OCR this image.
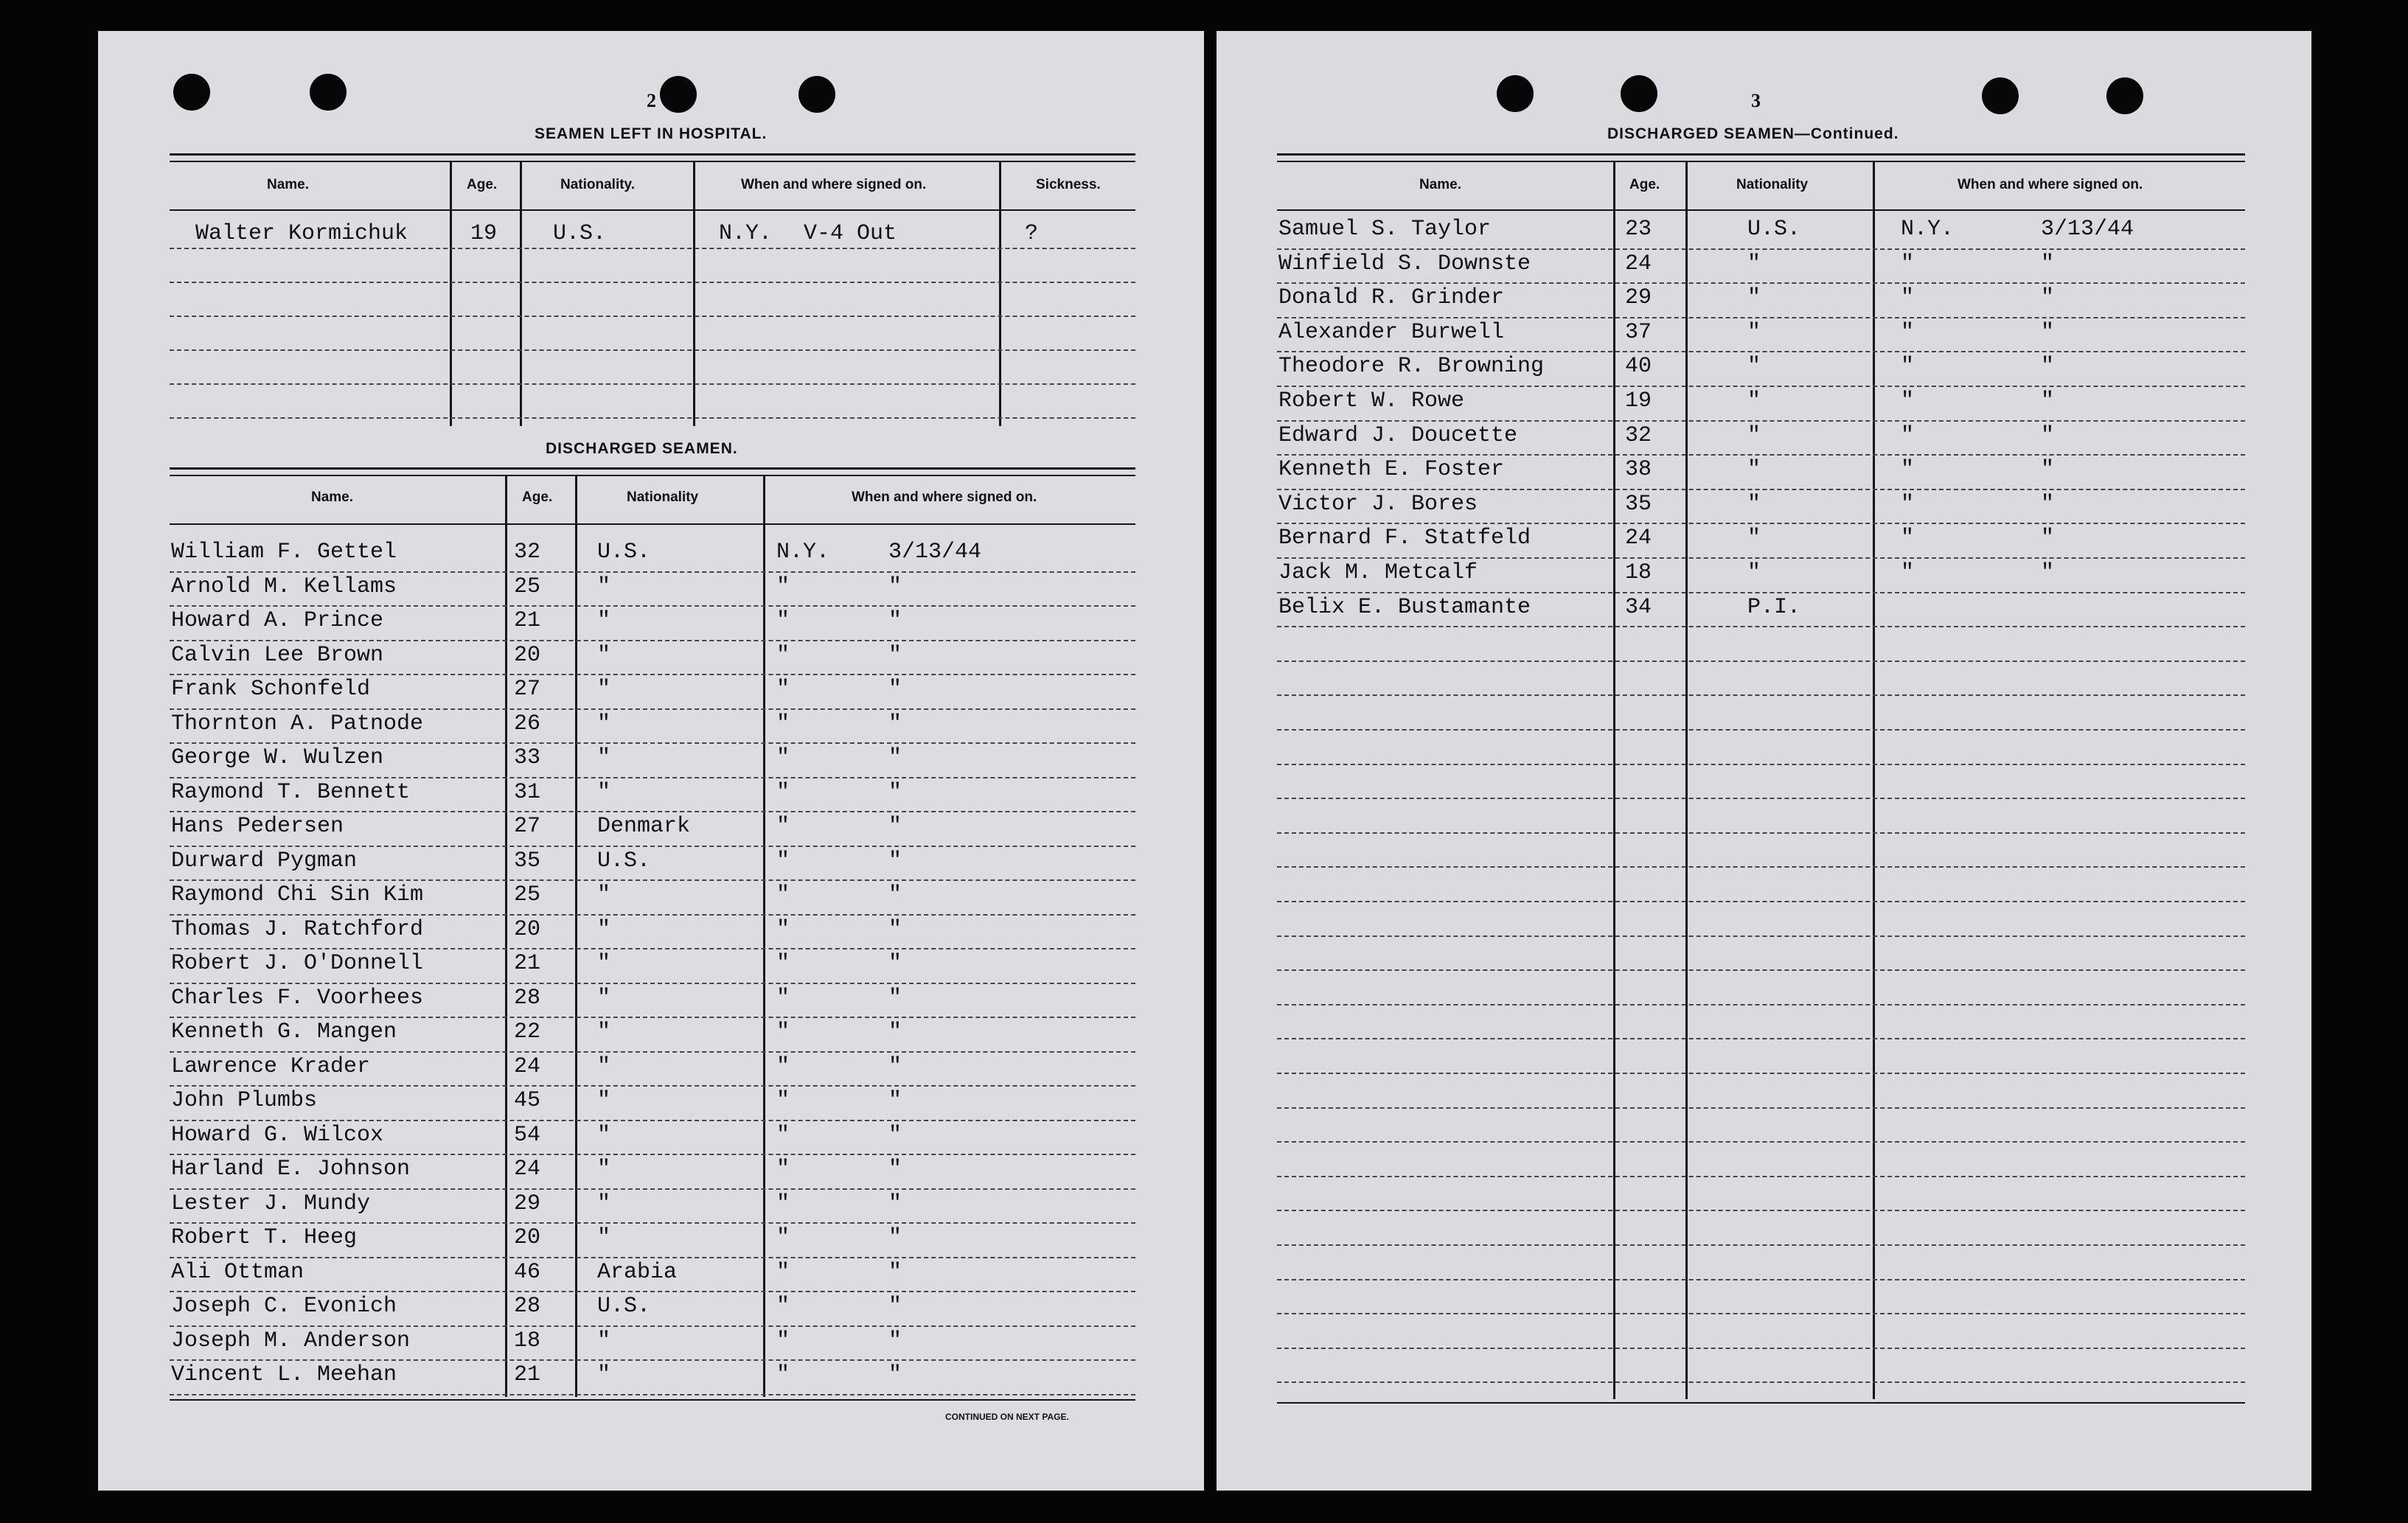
2
SEAMEN LEFT IN HOSPITAL.
Name.	Age.	Nationality.	When and where signed on.	Sickness.
Walter Kormichuk	19	U.S.	N.Y. V-4 Out	?
DISCHARGED SEAMEN.
Name.	Age.	Nationality	When and where signed on.
William F. Gettel	32	U.S.	N.Y.	3/13/44
Arnold M. Kellams	25	"	"	"
Howard A. Prince	21	"	"	"
Calvin Lee Brown	20	"	"	"
Frank Schonfeld	27	"	"	"
Thornton A. Patnode	26	"	"	"
George W. Wulzen	33	"	"	"
Raymond T. Bennett	31	"	"	"
Hans Pedersen	27	Denmark	"	"
Durward Pygman	35	U.S.	"	"
Raymond Chi Sin Kim	25	"	"	"
Thomas J. Ratchford	20	"	"	"
Robert J. O'Donnell	21	"	"	"
Charles F. Voorhees	28	"	"	"
Kenneth G. Mangen	22	"	"	"
Lawrence Krader	24	"	"	"
John Plumbs	45	"	"	"
Howard G. Wilcox	54	"	"	"
Harland E. Johnson	24	"	"	"
Lester J. Mundy	29	"	"	"
Robert T. Heeg	20	"	"	"
Ali Ottman	46	Arabia	"	"
Joseph C. Evonich	28	U.S.	"	"
Joseph M. Anderson	18	"	"	"
Vincent L. Meehan	21	"	"	"
CONTINUED ON NEXT PAGE.
3
DISCHARGED SEAMEN—Continued.
Name.	Age.	Nationality	When and where signed on.
Samuel S. Taylor	23	U.S.	N.Y.	3/13/44
Winfield S. Downste	24	"	"	"
Donald R. Grinder	29	"	"	"
Alexander Burwell	37	"	"	"
Theodore R. Browning	40	"	"	"
Robert W. Rowe	19	"	"	"
Edward J. Doucette	32	"	"	"
Kenneth E. Foster	38	"	"	"
Victor J. Bores	35	"	"	"
Bernard F. Statfeld	24	"	"	"
Jack M. Metcalf	18	"	"	"
Belix E. Bustamante	34	P.I.
